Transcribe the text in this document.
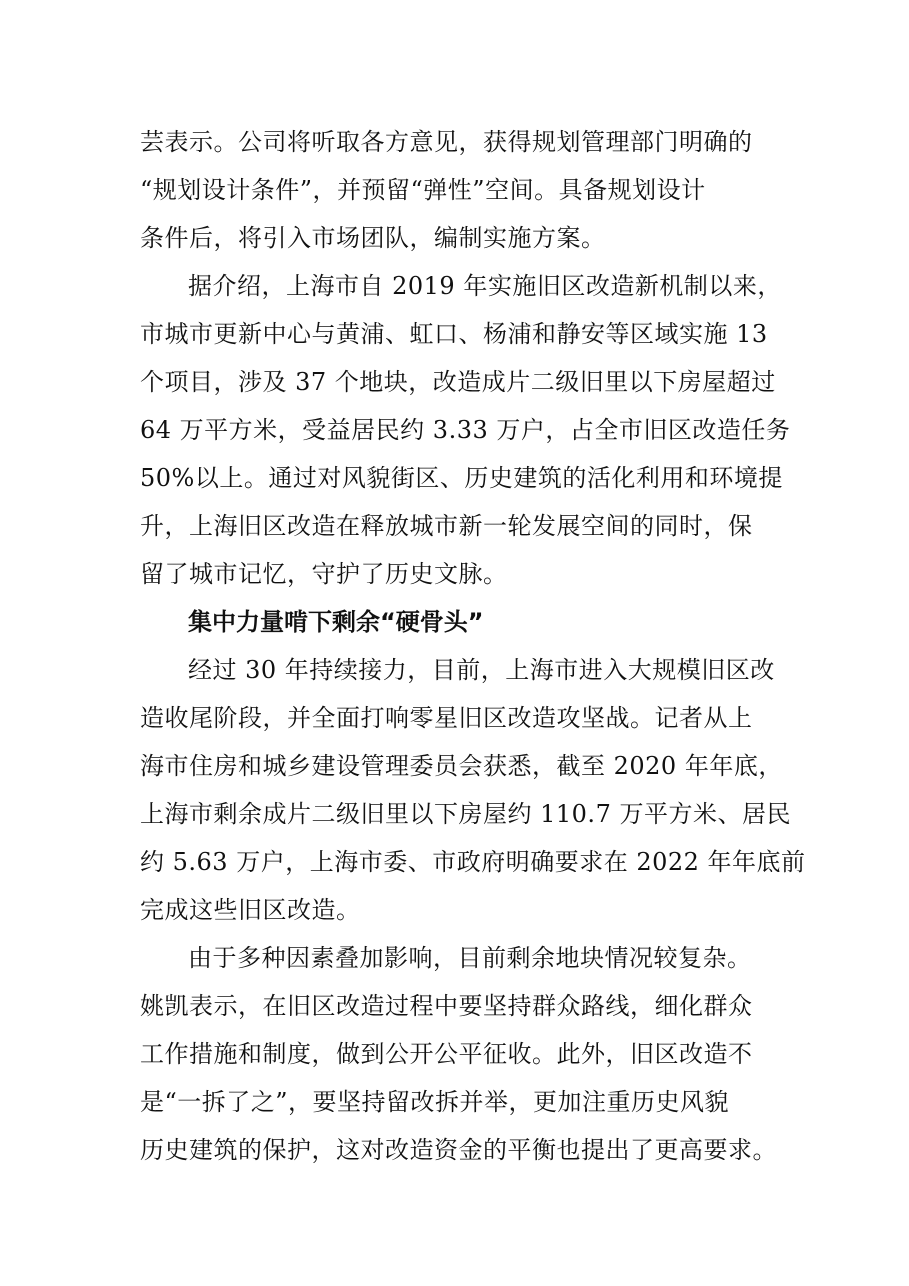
芸表示。公司将听取各方意见，获得规划管理部门明确的
“规划设计条件”，并预留“弹性”空间。具备规划设计
条件后，将引入市场团队，编制实施方案。
据介绍，上海市自 2019 年实施旧区改造新机制以来，
市城市更新中心与黄浦、虹口、杨浦和静安等区域实施 13
个项目，涉及 37 个地块，改造成片二级旧里以下房屋超过
64 万平方米，受益居民约 3.33 万户，占全市旧区改造任务
50%以上。通过对风貌街区、历史建筑的活化利用和环境提
升，上海旧区改造在释放城市新一轮发展空间的同时，保
留了城市记忆，守护了历史文脉。
集中力量啃下剩余“硬骨头”
经过 30 年持续接力，目前，上海市进入大规模旧区改
造收尾阶段，并全面打响零星旧区改造攻坚战。记者从上
海市住房和城乡建设管理委员会获悉，截至 2020 年年底，
上海市剩余成片二级旧里以下房屋约 110.7 万平方米、居民
约 5.63 万户，上海市委、市政府明确要求在 2022 年年底前
完成这些旧区改造。
由于多种因素叠加影响，目前剩余地块情况较复杂。
姚凯表示，在旧区改造过程中要坚持群众路线，细化群众
工作措施和制度，做到公开公平征收。此外，旧区改造不
是“一拆了之”，要坚持留改拆并举，更加注重历史风貌
历史建筑的保护，这对改造资金的平衡也提出了更高要求。
